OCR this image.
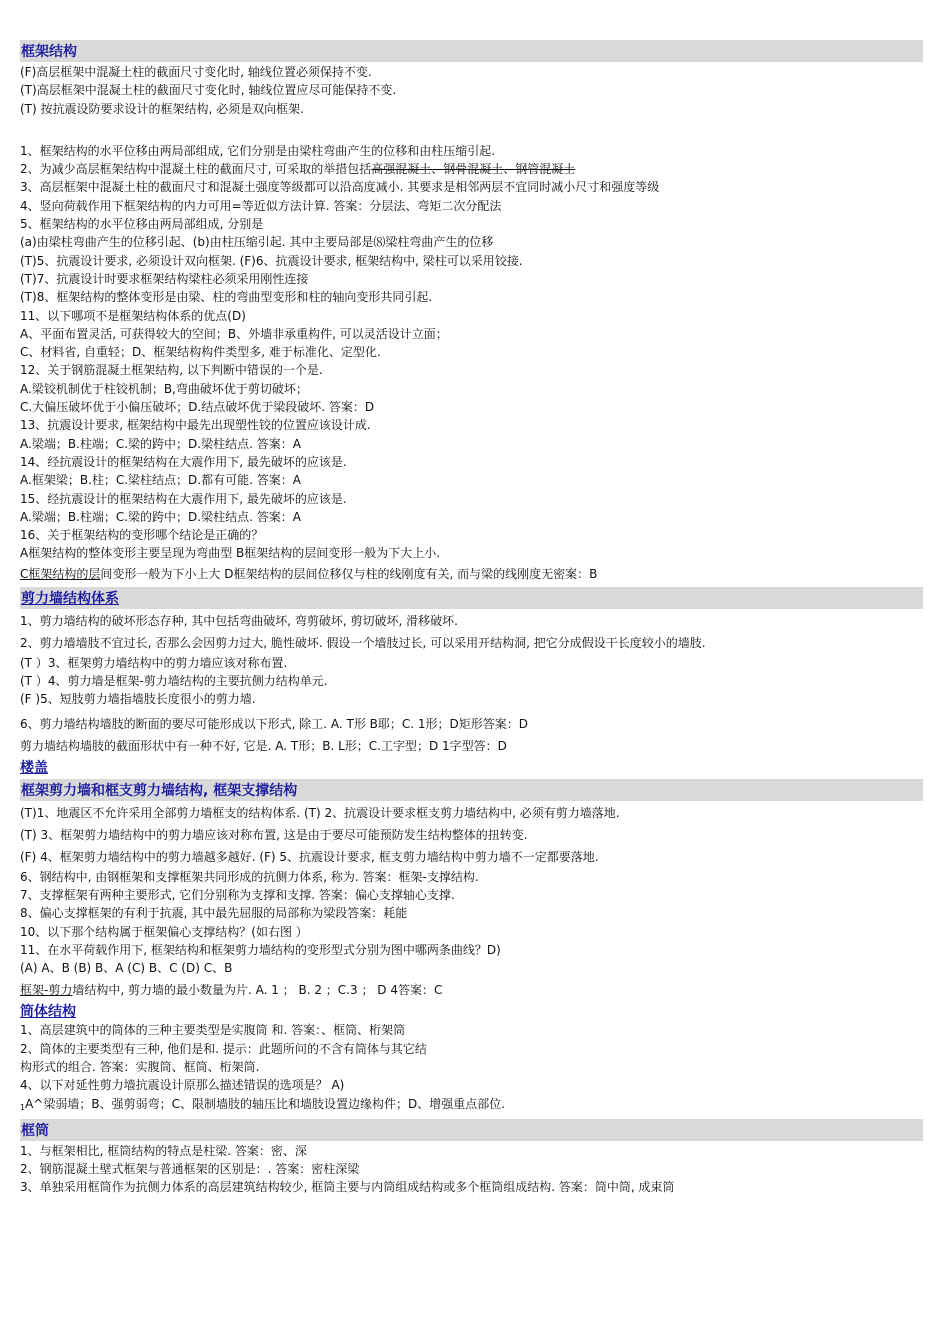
框架结构
(F)高层框架中混凝土柱的截面尺寸变化时, 轴线位置必须保持不变.
(T)高层框架中混凝土柱的截面尺寸变化时, 轴线位置应尽可能保持不变.
(T) 按抗震设防要求设计的框架结构, 必须是双向框架.
1、框架结构的水平位移由两局部组成, 它们分别是由梁柱弯曲产生的位移和由柱压缩引起.
2、为减少高层框架结构中混凝土柱的截面尺寸, 可采取的举措包括高强混凝土、钢骨混凝土、钢管混凝土
3、高层框架中混凝土柱的截面尺寸和混凝土强度等级都可以沿高度减小. 其要求是相邻两层不宜同时减小尺寸和强度等级
4、竖向荷载作用下框架结构的内力可用=等近似方法计算. 答案：分层法、弯矩二次分配法
5、框架结构的水平位移由两局部组成, 分别是
(a)由梁柱弯曲产生的位移引起、(b)由柱压缩引起. 其中主要局部是⑻梁柱弯曲产生的位移
(T)5、抗震设计要求, 必须设计双向框架. (F)6、抗震设计要求, 框架结构中, 梁柱可以采用铰接.
(T)7、抗震设计时要求框架结构梁柱必须采用刚性连接
(T)8、框架结构的整体变形是由梁、柱的弯曲型变形和柱的轴向变形共同引起.
11、以下哪项不是框架结构体系的优点(D)
A、平面布置灵活, 可获得较大的空间；B、外墙非承重构件, 可以灵活设计立面；
C、材料省, 自重轻；D、框架结构构件类型多, 难于标准化、定型化.
12、关于钢筋混凝土框架结构, 以下判断中错误的一个是.
A.梁铰机制优于柱铰机制；B,弯曲破坏优于剪切破坏；
C.大偏压破坏优于小偏压破坏；D.结点破坏优于梁段破坏. 答案：D
13、抗震设计要求, 框架结构中最先出现塑性铰的位置应该设计成.
A.梁端；B.柱端；C.梁的跨中；D.梁柱结点. 答案：A
14、经抗震设计的框架结构在大震作用下, 最先破坏的应该是.
A.框架梁；B.柱；C.梁柱结点；D.都有可能. 答案：A
15、经抗震设计的框架结构在大震作用下, 最先破坏的应该是.
A.梁端；B.柱端；C.梁的跨中；D.梁柱结点. 答案：A
16、关于框架结构的变形哪个结论是正确的？
A框架结构的整体变形主要呈现为弯曲型 B框架结构的层间变形一般为下大上小.
C框架结构的层间变形一般为下小上大 D框架结构的层间位移仅与柱的线刚度有关, 而与梁的线刚度无密案：B
剪力墙结构体系
1、剪力墙结构的破坏形态存种, 其中包括弯曲破坏, 弯剪破坏, 剪切破坏, 滑移破坏.
2、剪力墙墙肢不宜过长, 否那么会因剪力过大, 脆性破坏. 假设一个墙肢过长, 可以采用开结构洞, 把它分成假设干长度较小的墙肢.
(T ）3、框架剪力墙结构中的剪力墙应该对称布置.
(T ）4、剪力墙是框架-剪力墙结构的主要抗侧力结构单元.
(F )5、短肢剪力墙指墙肢长度很小的剪力墙.
6、剪力墙结构墙肢的断面的要尽可能形成以下形式, 除工. A. T形 B耶；C. 1形；D矩形答案：D
剪力墙结构墙肢的截面形状中有一种不好, 它是. A. T形；B. L形；C.工字型；D 1字型答：D
楼盖
框架剪力墙和框支剪力墙结构, 框架支撑结构
(T)1、地震区不允许采用全部剪力墙框支的结构体系. (T) 2、抗震设计要求框支剪力墙结构中, 必须有剪力墙落地.
(T) 3、框架剪力墙结构中的剪力墙应该对称布置, 这是由于要尽可能预防发生结构整体的扭转变.
(F) 4、框架剪力墙结构中的剪力墙越多越好. (F) 5、抗震设计要求, 框支剪力墙结构中剪力墙不一定都要落地.
6、钢结构中, 由钢框架和支撑框架共同形成的抗侧力体系, 称为. 答案：框架-支撑结构.
7、支撑框架有两种主要形式, 它们分别称为支撑和支撑. 答案：偏心支撑轴心支撑.
8、偏心支撑框架的有利于抗震, 其中最先屈服的局部称为梁段答案：耗能
10、以下那个结构属于框架偏心支撑结构？(如右图 ）
11、在水平荷载作用下, 框架结构和框架剪力墙结构的变形型式分别为图中哪两条曲线？D)
(A) A、B (B) B、A (C) B、C (D) C、B
框架-剪力墙结构中, 剪力墙的最小数量为片. A. 1 ； B. 2 ；C.3 ； D 4答案：C
筒体结构
1、高层建筑中的筒体的三种主要类型是实腹筒 和. 答案：、框筒、桁架筒
2、筒体的主要类型有三种, 他们是和. 提示：此题所问的不含有筒体与其它结
构形式的组合. 答案：实腹筒、框筒、桁架筒.
4、以下对延性剪力墙抗震设计原那么描述错误的选项是？ A)
1A^梁弱墙；B、强剪弱弯；C、限制墙肢的轴压比和墙肢设置边缘构件；D、增强重点部位.
框筒
1、与框架相比, 框筒结构的特点是柱梁. 答案：密、深
2、钢筋混凝土壁式框架与普通框架的区别是：. 答案：密柱深梁
3、单独采用框筒作为抗侧力体系的高层建筑结构较少, 框筒主要与内筒组成结构或多个框筒组成结构. 答案：筒中筒, 成束筒
